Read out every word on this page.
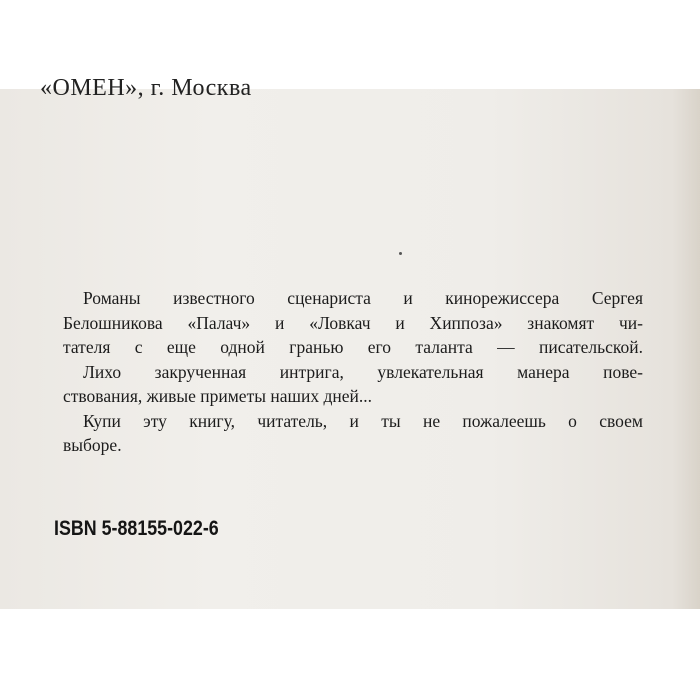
«ОМЕН», г. Москва
Романы известного сценариста и кинорежиссера Сергея
Белошникова «Палач» и «Ловкач и Хиппоза» знакомят чи-
тателя с еще одной гранью его таланта — писательской.
Лихо закрученная интрига, увлекательная манера пове-
ствования, живые приметы наших дней...
Купи эту книгу, читатель, и ты не пожалеешь о своем
выборе.
ISBN 5-88155-022-6
